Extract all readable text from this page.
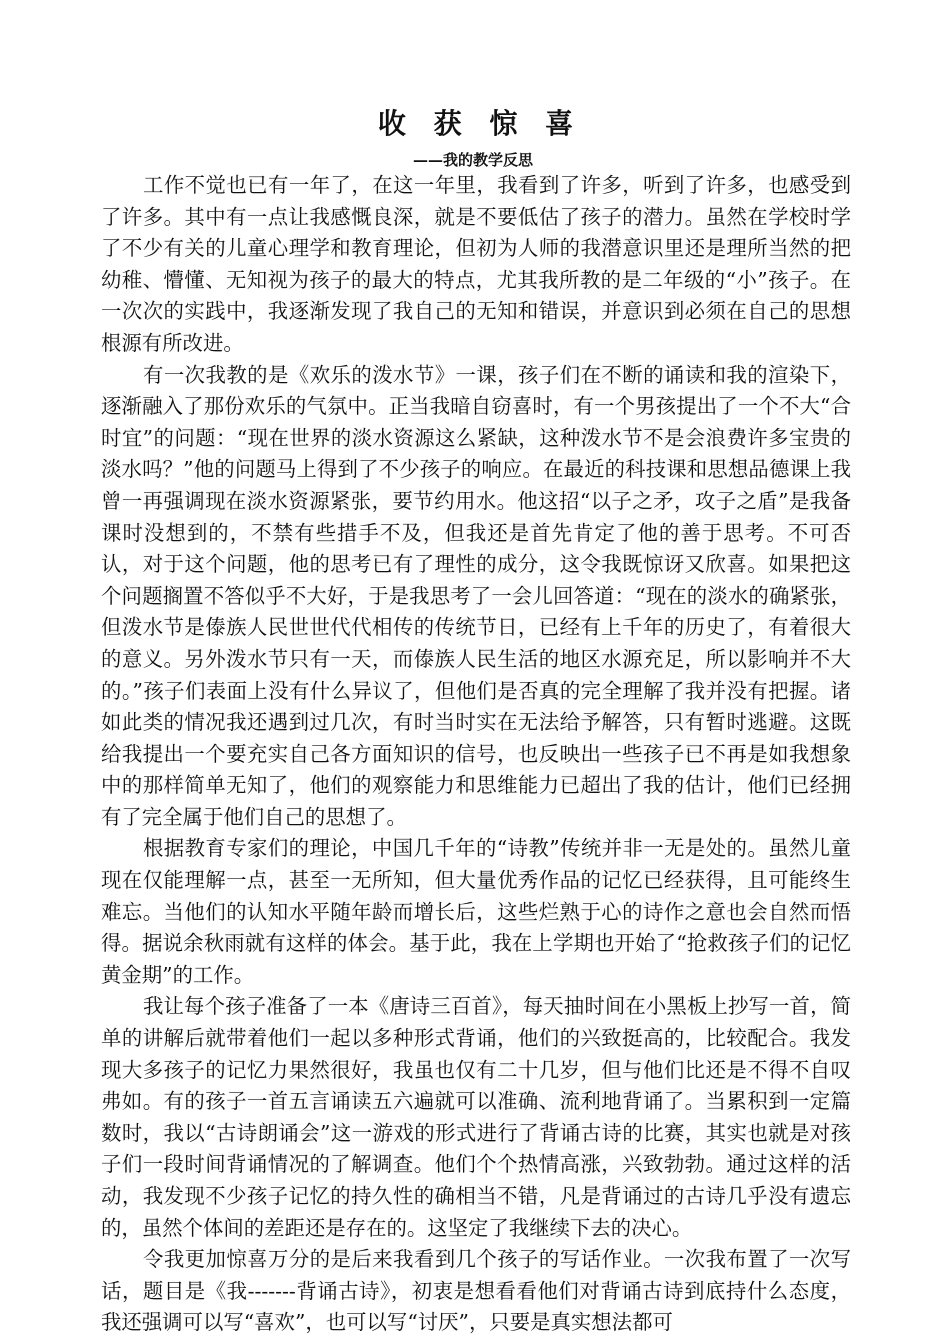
收 获 惊 喜
——我的教学反思

工作不觉也已有一年了，在这一年里，我看到了许多，听到了许多，也感受到了许多。其中有一点让我感慨良深，就是不要低估了孩子的潜力。虽然在学校时学了不少有关的儿童心理学和教育理论，但初为人师的我潜意识里还是理所当然的把幼稚、懵懂、无知视为孩子的最大的特点，尤其我所教的是二年级的“小”孩子。在一次次的实践中，我逐渐发现了我自己的无知和错误，并意识到必须在自己的思想根源有所改进。

有一次我教的是《欢乐的泼水节》一课，孩子们在不断的诵读和我的渲染下，逐渐融入了那份欢乐的气氛中。正当我暗自窃喜时，有一个男孩提出了一个不大“合时宜”的问题：“现在世界的淡水资源这么紧缺，这种泼水节不是会浪费许多宝贵的淡水吗？”他的问题马上得到了不少孩子的响应。在最近的科技课和思想品德课上我曾一再强调现在淡水资源紧张，要节约用水。他这招“以子之矛，攻子之盾”是我备课时没想到的，不禁有些措手不及，但我还是首先肯定了他的善于思考。不可否认，对于这个问题，他的思考已有了理性的成分，这令我既惊讶又欣喜。如果把这个问题搁置不答似乎不大好，于是我思考了一会儿回答道：“现在的淡水的确紧张，但泼水节是傣族人民世世代代相传的传统节日，已经有上千年的历史了，有着很大的意义。另外泼水节只有一天，而傣族人民生活的地区水源充足，所以影响并不大的。”孩子们表面上没有什么异议了，但他们是否真的完全理解了我并没有把握。诸如此类的情况我还遇到过几次，有时当时实在无法给予解答，只有暂时逃避。这既给我提出一个要充实自己各方面知识的信号，也反映出一些孩子已不再是如我想象中的那样简单无知了，他们的观察能力和思维能力已超出了我的估计，他们已经拥有了完全属于他们自己的思想了。

根据教育专家们的理论，中国几千年的“诗教”传统并非一无是处的。虽然儿童现在仅能理解一点，甚至一无所知，但大量优秀作品的记忆已经获得，且可能终生难忘。当他们的认知水平随年龄而增长后，这些烂熟于心的诗作之意也会自然而悟得。据说余秋雨就有这样的体会。基于此，我在上学期也开始了“抢救孩子们的记忆黄金期”的工作。

我让每个孩子准备了一本《唐诗三百首》，每天抽时间在小黑板上抄写一首，简单的讲解后就带着他们一起以多种形式背诵，他们的兴致挺高的，比较配合。我发现大多孩子的记忆力果然很好，我虽也仅有二十几岁，但与他们比还是不得不自叹弗如。有的孩子一首五言诵读五六遍就可以准确、流利地背诵了。当累积到一定篇数时，我以“古诗朗诵会”这一游戏的形式进行了背诵古诗的比赛，其实也就是对孩子们一段时间背诵情况的了解调查。他们个个热情高涨，兴致勃勃。通过这样的活动，我发现不少孩子记忆的持久性的确相当不错，凡是背诵过的古诗几乎没有遗忘的，虽然个体间的差距还是存在的。这坚定了我继续下去的决心。

令我更加惊喜万分的是后来我看到几个孩子的写话作业。一次我布置了一次写话，题目是《我-------背诵古诗》，初衷是想看看他们对背诵古诗到底持什么态度，我还强调可以写“喜欢”，也可以写“讨厌”，只要是真实想法都可
